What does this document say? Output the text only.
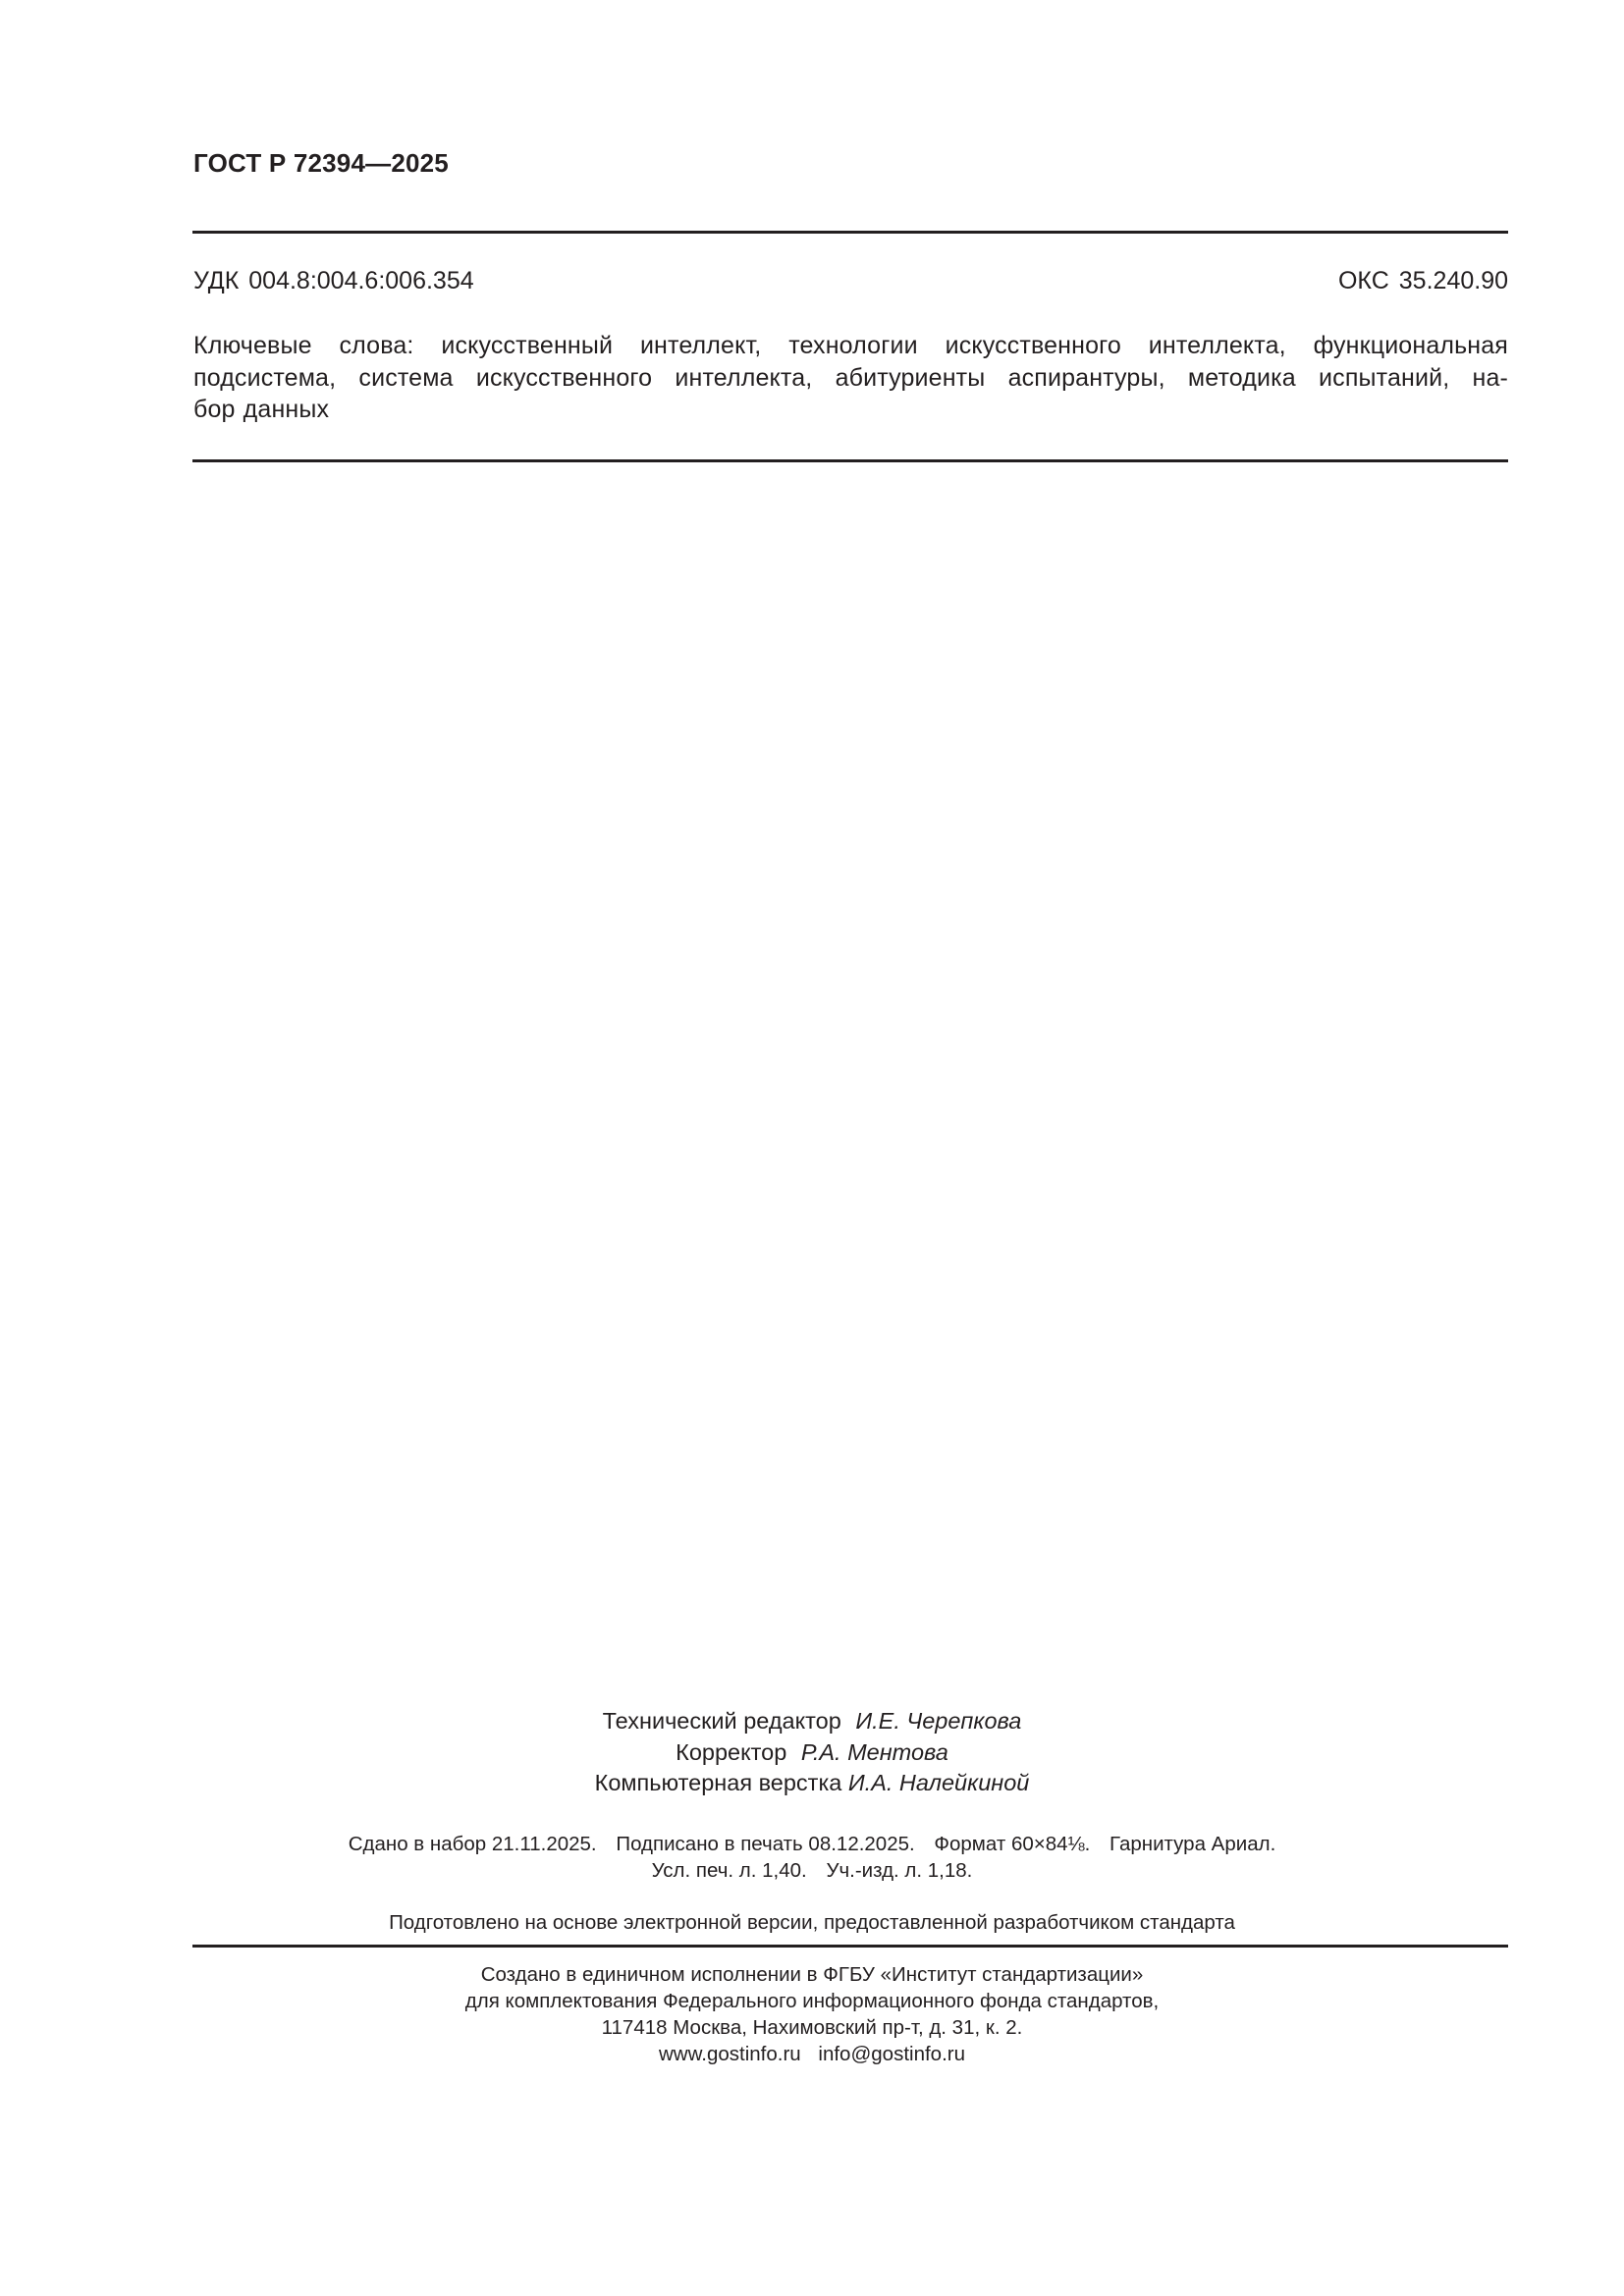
ГОСТ Р 72394—2025
УДК 004.8:004.6:006.354	ОКС 35.240.90
Ключевые слова: искусственный интеллект, технологии искусственного интеллекта, функциональная
подсистема, система искусственного интеллекта, абитуриенты аспирантуры, методика испытаний, на-
бор данных
Технический редактор И.Е. Черепкова
Корректор Р.А. Ментова
Компьютерная верстка И.А. Налейкиной
Сдано в набор 21.11.2025. Подписано в печать 08.12.2025. Формат 60×84⅛. Гарнитура Ариал.
Усл. печ. л. 1,40. Уч.-изд. л. 1,18.
Подготовлено на основе электронной версии, предоставленной разработчиком стандарта
Создано в единичном исполнении в ФГБУ «Институт стандартизации»
для комплектования Федерального информационного фонда стандартов,
117418 Москва, Нахимовский пр-т, д. 31, к. 2.
www.gostinfo.ru info@gostinfo.ru
